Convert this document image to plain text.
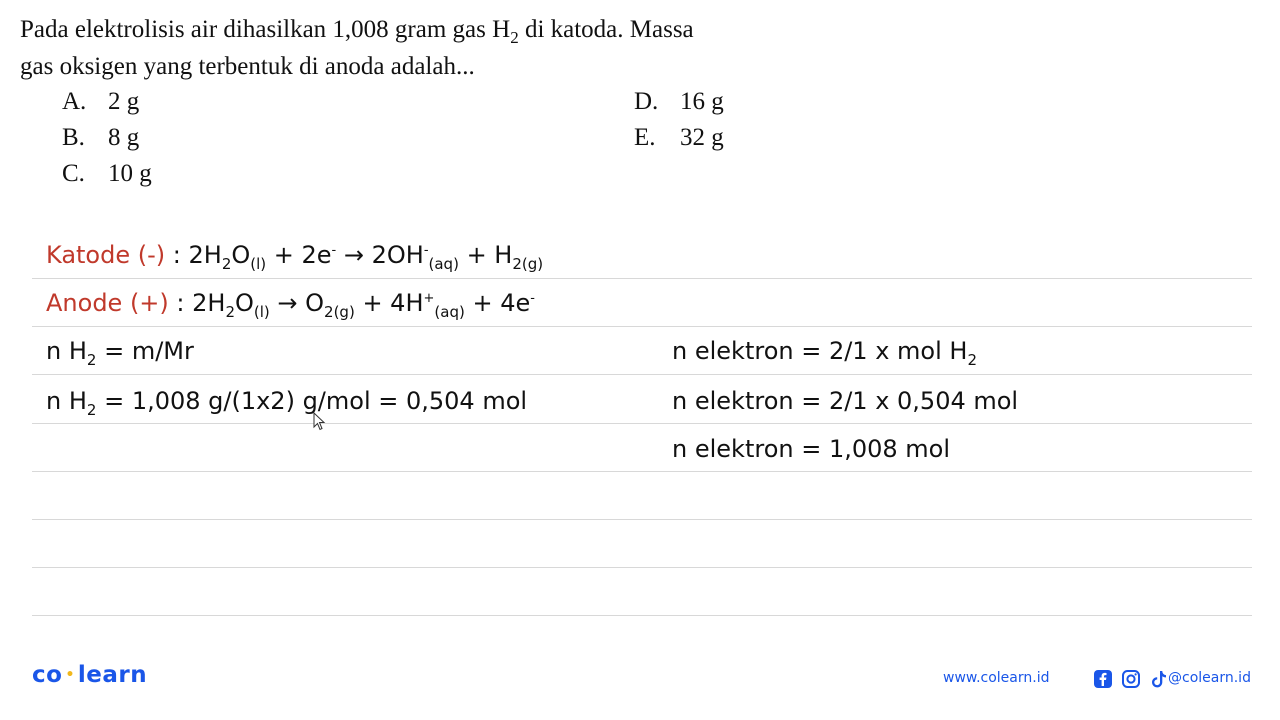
Pada elektrolisis air dihasilkan 1,008 gram gas $H_2$ di katoda. Massa
gas oksigen yang terbentuk di anoda adalah...
A. 2 g
B. 8 g
C. 10 g
D. 16 g
E. 32 g
Katode (-) : $2H_2O_{(l)} + 2e^- \to 2OH^-_{(aq)} + H_{2(g)}$
Anode (+) : $2H_2O_{(l)} \to O_{2(g)} + 4H^+_{(aq)} + 4e^-$
n $H_2 = m/Mr$
n $H_2 = 1,008$ g/(1x2) g/mol = 0,504 mol
n elektron = 2/1 x mol $H_2$
n elektron = 2/1 x 0,504 mol
n elektron = 1,008 mol
co • learn	www.colearn.id	@colearn.id
